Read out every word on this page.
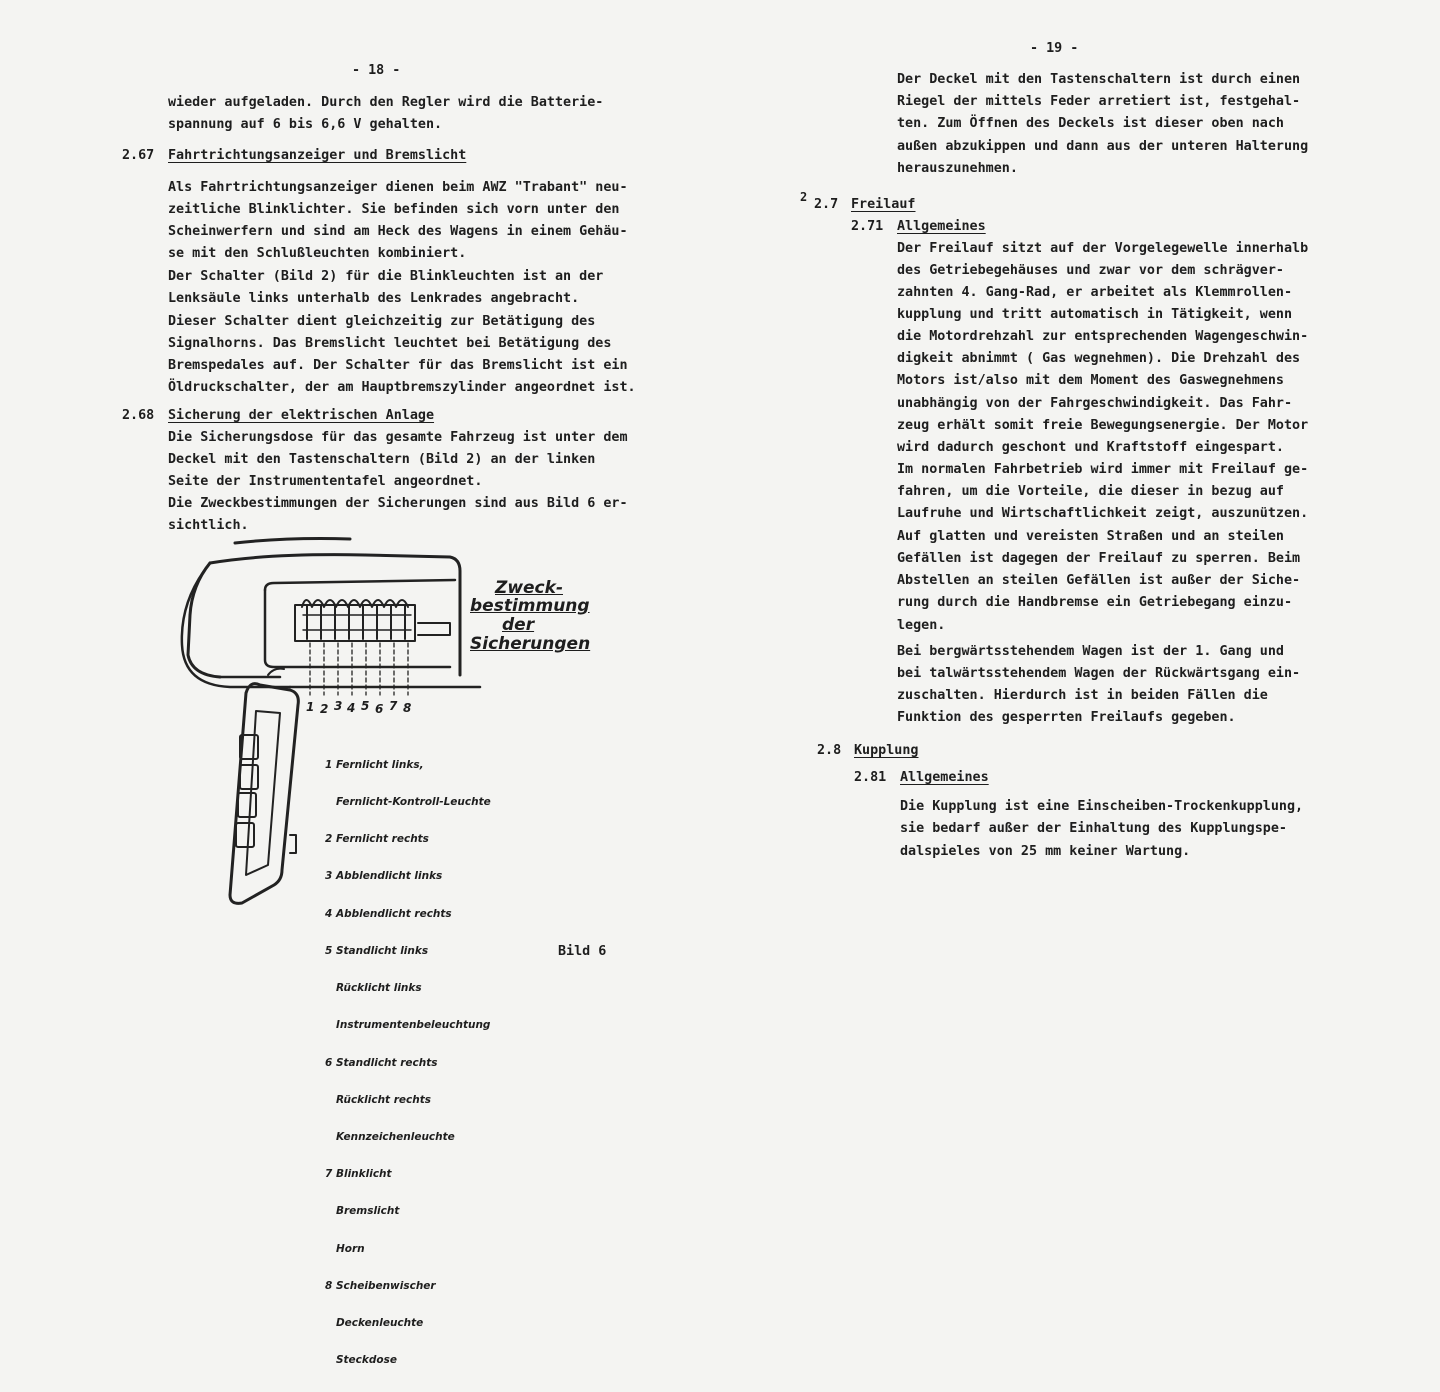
- 18 -
wieder aufgeladen. Durch den Regler wird die Batterie-
spannung auf 6 bis 6,6 V gehalten.
2.67 Fahrtrichtungsanzeiger und Bremslicht
Als Fahrtrichtungsanzeiger dienen beim AWZ "Trabant" neu-
zeitliche Blinklichter. Sie befinden sich vorn unter den
Scheinwerfern und sind am Heck des Wagens in einem Gehäu-
se mit den Schlußleuchten kombiniert.
Der Schalter (Bild 2) für die Blinkleuchten ist an der
Lenksäule links unterhalb des Lenkrades angebracht.
Dieser Schalter dient gleichzeitig zur Betätigung des
Signalhorns. Das Bremslicht leuchtet bei Betätigung des
Bremspedales auf. Der Schalter für das Bremslicht ist ein
Öldruckschalter, der am Hauptbremszylinder angeordnet ist.
2.68 Sicherung der elektrischen Anlage
Die Sicherungsdose für das gesamte Fahrzeug ist unter dem
Deckel mit den Tastenschaltern (Bild 2) an der linken
Seite der Instrumententafel angeordnet.
Die Zweckbestimmungen der Sicherungen sind aus Bild 6 er-
sichtlich.
Zweck-
bestimmung
der
Sicherungen
1 2 3 4 5 6 7 8

1 Fernlicht links,

Fernlicht-Kontroll-Leuchte

2 Fernlicht rechts

3 Abblendlicht links

4 Abblendlicht rechts

5 Standlicht links

Rücklicht links

Instrumentenbeleuchtung

6 Standlicht rechts

Rücklicht rechts

Kennzeichenleuchte

7 Blinklicht

Bremslicht

Horn

8 Scheibenwischer

Deckenleuchte

Steckdose

Bild 6
- 19 -
Der Deckel mit den Tastenschaltern ist durch einen
Riegel der mittels Feder arretiert ist, festgehal-
ten. Zum Öffnen des Deckels ist dieser oben nach
außen abzukippen und dann aus der unteren Halterung
herauszunehmen.
2 2.7 Freilauf
2.71 Allgemeines
Der Freilauf sitzt auf der Vorgelegewelle innerhalb
des Getriebegehäuses und zwar vor dem schrägver-
zahnten 4. Gang-Rad, er arbeitet als Klemmrollen-
kupplung und tritt automatisch in Tätigkeit, wenn
die Motordrehzahl zur entsprechenden Wagengeschwin-
digkeit abnimmt ( Gas wegnehmen). Die Drehzahl des
Motors ist/also mit dem Moment des Gaswegnehmens
unabhängig von der Fahrgeschwindigkeit. Das Fahr-
zeug erhält somit freie Bewegungsenergie. Der Motor
wird dadurch geschont und Kraftstoff eingespart.
Im normalen Fahrbetrieb wird immer mit Freilauf ge-
fahren, um die Vorteile, die dieser in bezug auf
Laufruhe und Wirtschaftlichkeit zeigt, auszunützen.
Auf glatten und vereisten Straßen und an steilen
Gefällen ist dagegen der Freilauf zu sperren. Beim
Abstellen an steilen Gefällen ist außer der Siche-
rung durch die Handbremse ein Getriebegang einzu-
legen.
Bei bergwärtsstehendem Wagen ist der 1. Gang und
bei talwärtsstehendem Wagen der Rückwärtsgang ein-
zuschalten. Hierdurch ist in beiden Fällen die
Funktion des gesperrten Freilaufs gegeben.
2.8 Kupplung
2.81 Allgemeines
Die Kupplung ist eine Einscheiben-Trockenkupplung,
sie bedarf außer der Einhaltung des Kupplungspe-
dalspieles von 25 mm keiner Wartung.
